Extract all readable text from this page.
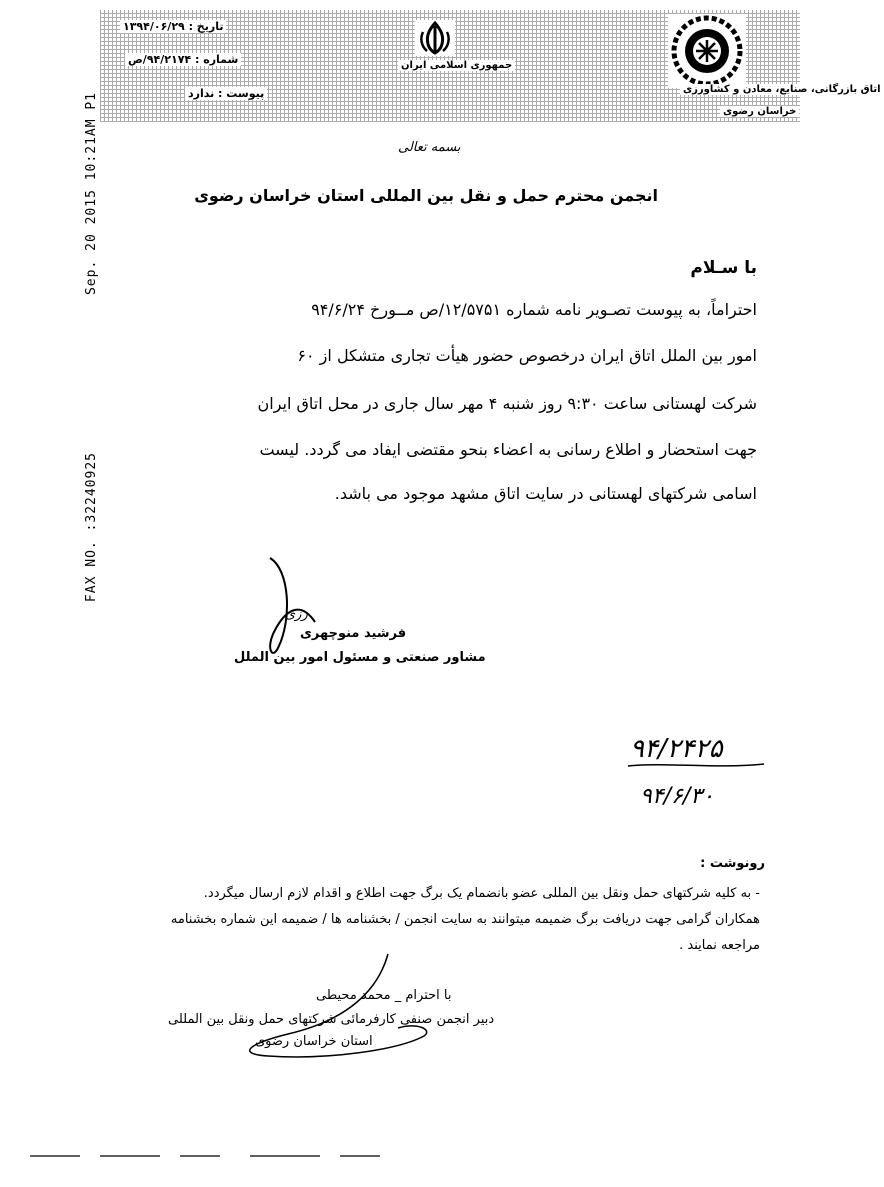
تاریخ : ۱۳۹۴/۰۶/۲۹
شماره : ۹۴/۲۱۷۴/ص
پیوست : ندارد
جمهوری اسلامی ایران
اتاق بازرگانی، صنایع، معادن و کشاورزی
خراسان رضوی
Sep. 20 2015 10:21AM P1
FAX NO. :32240925
بسمه تعالی
انجمن محترم حمل و نقل بین المللی استان خراسان رضوی
با سـلام
احتراماً، به پیوست تصـویر نامه شماره ۱۲/۵۷۵۱/ص مــورخ ۹۴/۶/۲۴
امور بین الملل اتاق ایران درخصوص حضور هیأت تجاری متشکل از ۶۰
شرکت لهستانی ساعت ۹:۳۰ روز شنبه ۴ مهر سال جاری در محل اتاق ایران
جهت استحضار و اطلاع رسانی به اعضاء بنحو مقتضی ایفاد می گردد. لیست
اسامی شرکتهای لهستانی در سایت اتاق مشهد موجود می باشد.
رزی
فرشید منوچهری
مشاور صنعتی و مسئول امور بین الملل
۹۴/۲۴۲۵
۹۴/۶/۳۰
رونوشت :
- به کلیه شرکتهای حمل ونقل بین المللی عضو بانضمام یک برگ جهت اطلاع و اقدام لازم ارسال میگردد.
همکاران گرامی جهت دریافت برگ ضمیمه میتوانند به سایت انجمن / بخشنامه ها / ضمیمه این شماره بخشنامه
مراجعه نمایند .
با احترام _ محمد محیطی
دبیر انجمن صنفی کارفرمائی شرکتهای حمل ونقل بین المللی
استان خراسان رضوی
